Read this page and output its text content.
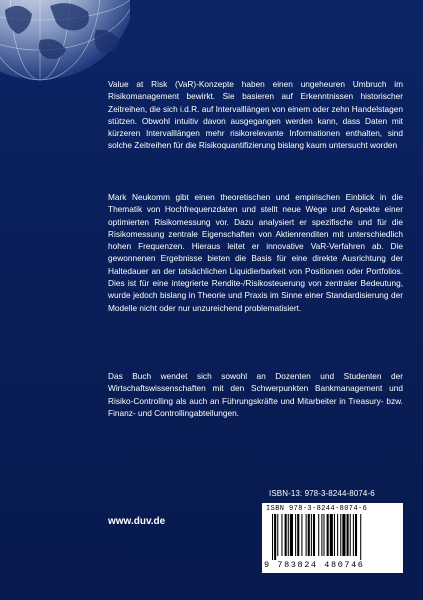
Value at Risk (VaR)-Konzepte haben einen ungeheuren Umbruch im Risikomanagement bewirkt. Sie basieren auf Erkenntnissen historischer Zeitreihen, die sich i.d.R. auf Intervalllängen von einem oder zehn Handelstagen stützen. Obwohl intuitiv davon ausgegangen werden kann, dass Daten mit kürzeren Intervalllängen mehr risikorelevante Informationen enthalten, sind solche Zeitreihen für die Risikoquantifizierung bislang kaum untersucht worden

Mark Neukomm gibt einen theoretischen und empirischen Einblick in die Thematik von Hochfrequenzdaten und stellt neue Wege und Aspekte einer optimierten Risikomessung vor. Dazu analysiert er spezifische und für die Risikomessung zentrale Eigenschaften von Aktienrenditen mit unterschiedlich hohen Frequenzen. Hieraus leitet er innovative VaR-Verfahren ab. Die gewonnenen Ergebnisse bieten die Basis für eine direkte Ausrichtung der Haltedauer an der tatsächlichen Liquidierbarkeit von Positionen oder Portfolios. Dies ist für eine integrierte Rendite-/Risikosteuerung von zentraler Bedeutung, wurde jedoch bislang in Theorie und Praxis im Sinne einer Standardisierung der Modelle nicht oder nur unzureichend problematisiert.

Das Buch wendet sich sowohl an Dozenten und Studenten der Wirtschaftswissenschaften mit den Schwerpunkten Bankmanagement und Risiko-Controlling als auch an Führungskräfte und Mitarbeiter in Treasury- bzw. Finanz- und Controllingabteilungen.

ISBN-13: 978-3-8244-8074-6
ISBN 978-3-8244-8074-6
9 783824 480746
www.duv.de
